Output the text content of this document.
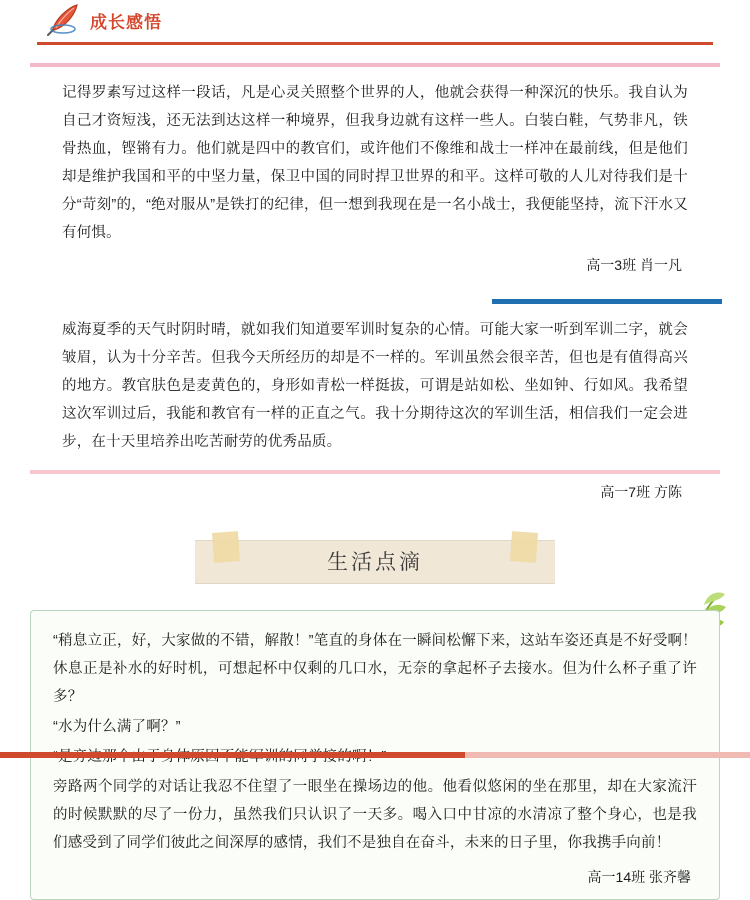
成长感悟
记得罗素写过这样一段话，凡是心灵关照整个世界的人，他就会获得一种深沉的快乐。我自认为自己才资短浅，还无法到达这样一种境界，但我身边就有这样一些人。白装白鞋，气势非凡，铁骨热血，铿锵有力。他们就是四中的教官们，或许他们不像维和战士一样冲在最前线，但是他们却是维护我国和平的中坚力量，保卫中国的同时捍卫世界的和平。这样可敬的人儿对待我们是十分“苛刻”的，“绝对服从”是铁打的纪律，但一想到我现在是一名小战士，我便能坚持，流下汗水又有何惧。
高一3班 肖一凡
威海夏季的天气时阴时晴，就如我们知道要军训时复杂的心情。可能大家一听到军训二字，就会皱眉，认为十分辛苦。但我今天所经历的却是不一样的。军训虽然会很辛苦，但也是有值得高兴的地方。教官肤色是麦黄色的，身形如青松一样挺拔，可谓是站如松、坐如钟、行如风。我希望这次军训过后，我能和教官有一样的正直之气。我十分期待这次的军训生活，相信我们一定会进步，在十天里培养出吃苦耐劳的优秀品质。
高一7班 方陈
生活点滴
“稍息立正，好，大家做的不错，解散！”笔直的身体在一瞬间松懈下来，这站车姿还真是不好受啊！休息正是补水的好时机，可想起杯中仅剩的几口水，无奈的拿起杯子去接水。但为什么杯子重了许多？
“水为什么满了啊？”
旁路两个同学的对话让我忍不住望了一眼坐在操场边的他。他看似悠闲的坐在那里，却在大家流汗的时候默默的尽了一份力，虽然我们只认识了一天多。喝入口中甘凉的水清凉了整个身心，也是我们感受到了同学们彼此之间深厚的感情，我们不是独自在奋斗，未来的日子里，你我携手向前！
高一14班 张齐馨
